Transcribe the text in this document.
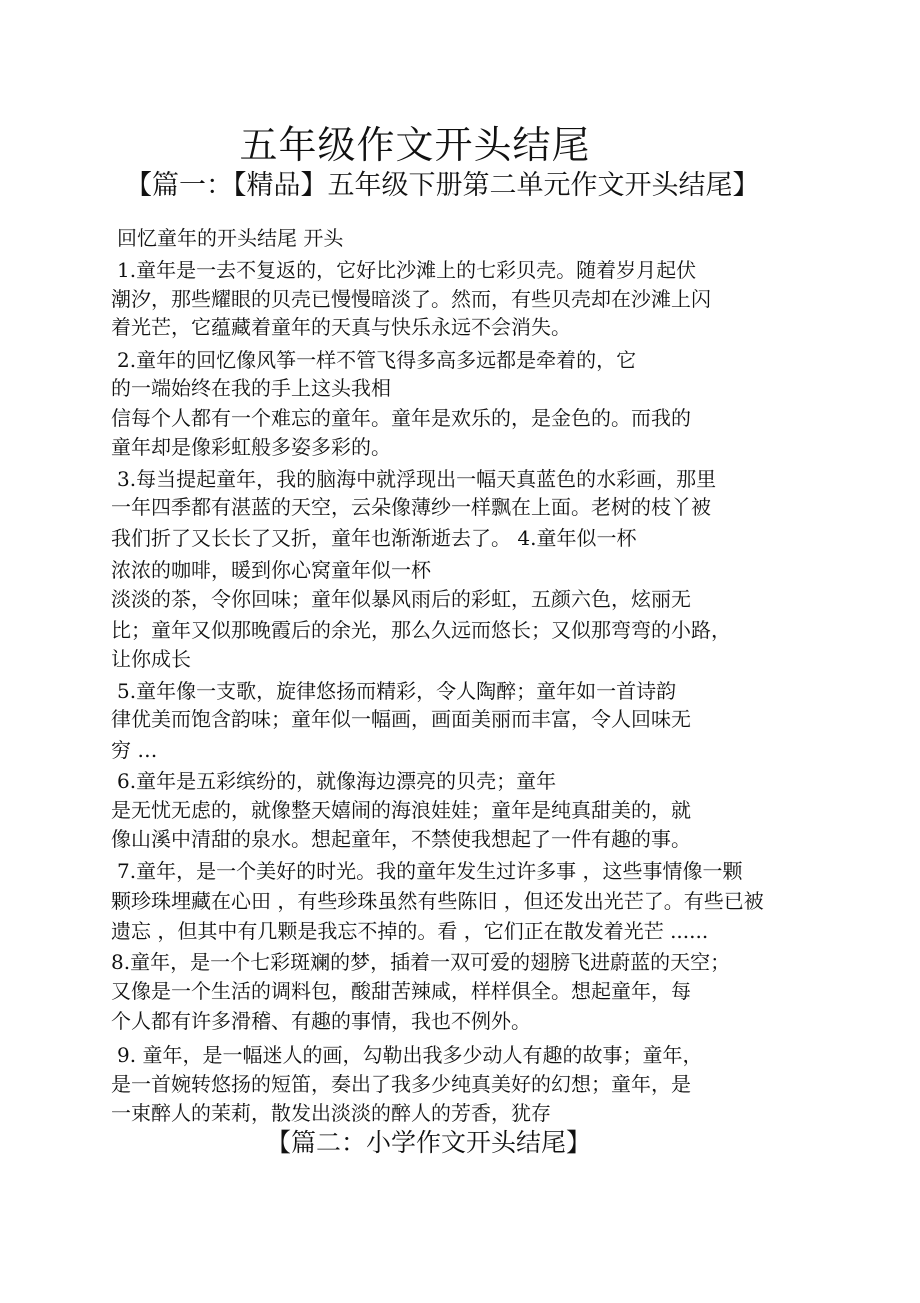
五年级作文开头结尾
【篇一：【精品】五年级下册第二单元作文开头结尾】
回忆童年的开头结尾 开头
1.童年是一去不复返的，它好比沙滩上的七彩贝壳。随着岁月起伏
潮汐，那些耀眼的贝壳已慢慢暗淡了。然而，有些贝壳却在沙滩上闪
着光芒，它蕴藏着童年的天真与快乐永远不会消失。
2.童年的回忆像风筝一样不管飞得多高多远都是牵着的，它
的一端始终在我的手上这头我相
信每个人都有一个难忘的童年。童年是欢乐的，是金色的。而我的
童年却是像彩虹般多姿多彩的。
3.每当提起童年，我的脑海中就浮现出一幅天真蓝色的水彩画，那里
一年四季都有湛蓝的天空，云朵像薄纱一样飘在上面。老树的枝丫被
我们折了又长长了又折，童年也渐渐逝去了。 4.童年似一杯
浓浓的咖啡，暖到你心窝童年似一杯
淡淡的茶，令你回味；童年似暴风雨后的彩虹，五颜六色，炫丽无
比；童年又似那晚霞后的余光，那么久远而悠长；又似那弯弯的小路，
让你成长
5.童年像一支歌，旋律悠扬而精彩，令人陶醉；童年如一首诗韵
律优美而饱含韵味；童年似一幅画，画面美丽而丰富，令人回味无
穷 …
6.童年是五彩缤纷的，就像海边漂亮的贝壳；童年
是无忧无虑的，就像整天嬉闹的海浪娃娃；童年是纯真甜美的，就
像山溪中清甜的泉水。想起童年，不禁使我想起了一件有趣的事。
7.童年，是一个美好的时光。我的童年发生过许多事 ，这些事情像一颗
颗珍珠埋藏在心田 ，有些珍珠虽然有些陈旧 ，但还发出光芒了。有些已被
遗忘 ，但其中有几颗是我忘不掉的。看 ，它们正在散发着光芒 ......
8.童年，是一个七彩斑斓的梦，插着一双可爱的翅膀飞进蔚蓝的天空；
又像是一个生活的调料包，酸甜苦辣咸，样样俱全。想起童年，每
个人都有许多滑稽、有趣的事情，我也不例外。
9. 童年，是一幅迷人的画，勾勒出我多少动人有趣的故事；童年，
是一首婉转悠扬的短笛，奏出了我多少纯真美好的幻想；童年，是
一束醉人的茉莉，散发出淡淡的醉人的芳香，犹存
【篇二：小学作文开头结尾】
